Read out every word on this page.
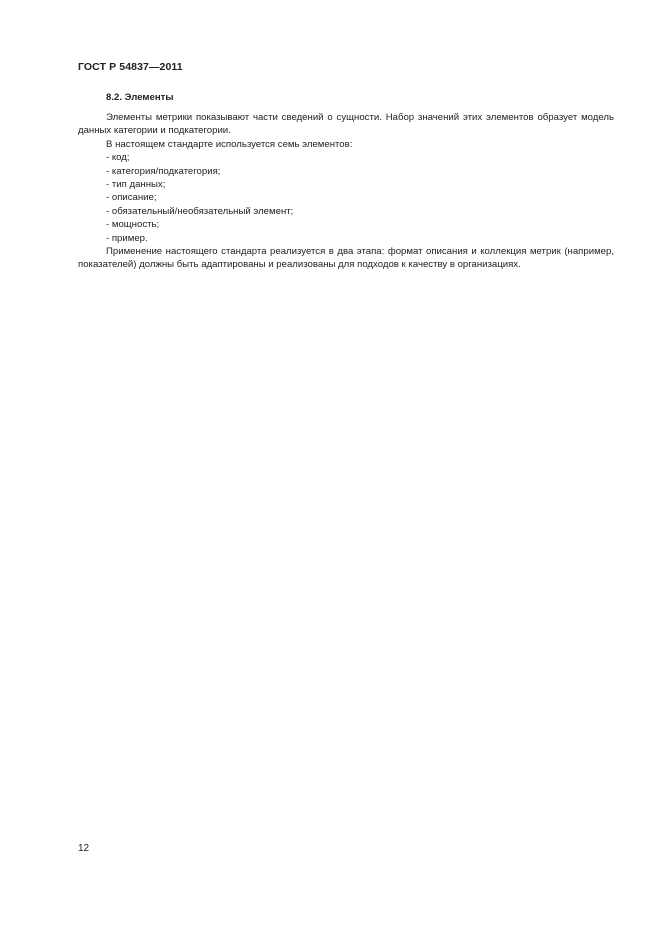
ГОСТ Р 54837—2011

8.2. Элементы

Элементы метрики показывают части сведений о сущности. Набор значений этих элементов образует модель данных категории и подкатегории.

В настоящем стандарте используется семь элементов:

- код;

- категория/подкатегория;

- тип данных;

- описание;

- обязательный/необязательный элемент;

- мощность;

- пример.

Применение настоящего стандарта реализуется в два этапа: формат описания и коллекция метрик (например, показателей) должны быть адаптированы и реализованы для подходов к качеству в организациях.

12
